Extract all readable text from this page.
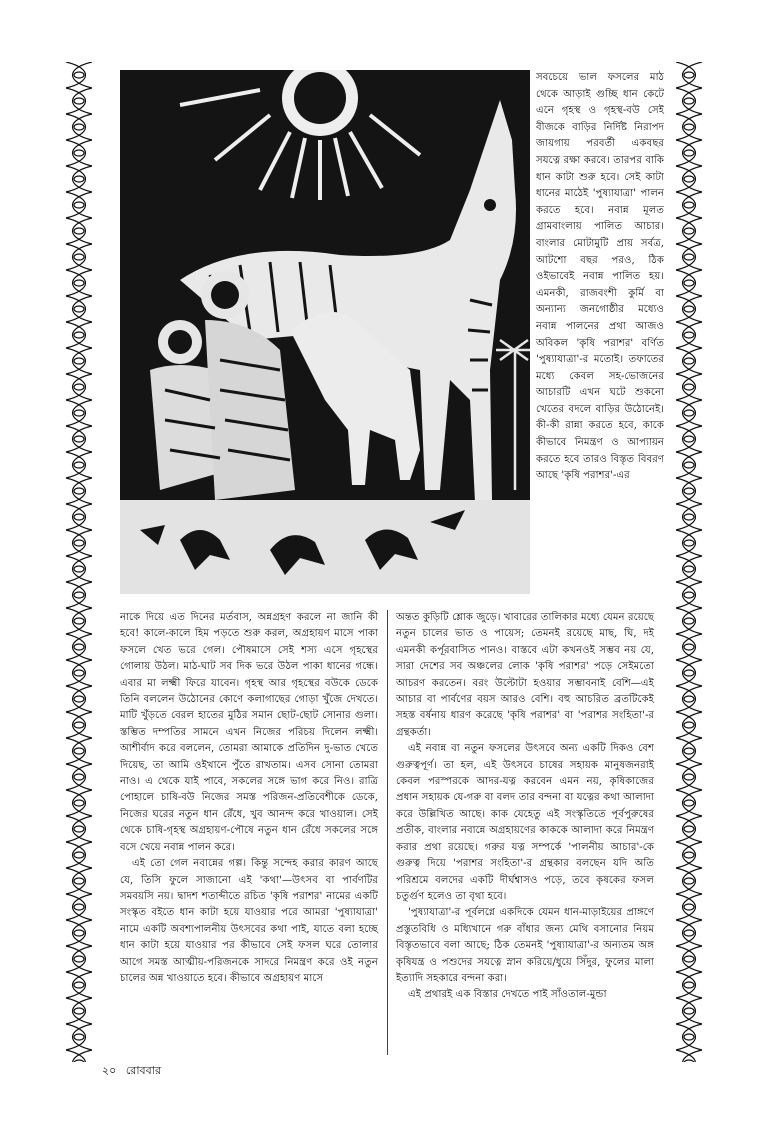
সবচেয়ে ভাল ফসলের মাঠ থেকে আড়াই গুচ্ছি ধান কেটে এনে গৃহস্থ ও গৃহস্থ-বউ সেই বীজকে বাড়ির নির্দিষ্ট নিরাপদ জায়গায় পরবর্তী একবছর সযত্নে রক্ষা করবে। তারপর বাকি ধান কাটা শুরু হবে। সেই কাটা ধানের মাঠেই 'পুষ্যাযাত্রা' পালন করতে হবে। নবান্ন মূলত গ্রামবাংলায় পালিত আচার। বাংলার মোটামুটি প্রায় সর্বত্র, আটশো বছর পরও, ঠিক ওইভাবেই নবান্ন পালিত হয়। এমনকী, রাজবংশী কুর্মি বা অন্যান্য জনগোষ্ঠীর মধ্যেও নবান্ন পালনের প্রথা আজও অবিকল 'কৃষি পরাশর' বর্ণিত 'পুষ্যাযাত্রা'-র মতোই। তফাতের মধ্যে কেবল সহ-ভোজনের আচারটি এখন ঘটে শুকনো খেতের বদলে বাড়ির উঠোনেই। কী-কী রান্না করতে হবে, কাকে কীভাবে নিমন্ত্রণ ও আপ্যায়ন করতে হবে তারও বিস্তৃত বিবরণ আছে 'কৃষি পরাশর'-এর

নাকে দিয়ে এত দিনের মর্তবাস, অন্নগ্রহণ করলে না জানি কী হবে! কালে-কালে হিম পড়তে শুরু করল, অগ্রহায়ণ মাসে পাকা ফসলে খেত ভরে গেল। পৌষমাসে সেই শস্য এসে গৃহস্থের গোলায় উঠল। মাঠ-ঘাট সব দিক ভরে উঠল পাকা ধানের গন্ধে। এবার মা লক্ষ্মী ফিরে যাবেন। গৃহস্থ আর গৃহস্থের বউকে ডেকে তিনি বললেন উঠোনের কোণে কলাগাছের গোড়া খুঁজে দেখতে। মাটি খুঁড়তে বেরল হাতের মুঠির সমান ছোট-ছোট সোনার গুলা। স্তম্ভিত দম্পতির সামনে এখন নিজের পরিচয় দিলেন লক্ষ্মী। আশীর্বাদ করে বললেন, তোমরা আমাকে প্রতিদিন দু-ভাত খেতে দিয়েছ, তা আমি ওইখানে পুঁতে রাখতাম। এসব সোনা তোমরা নাও। এ থেকে যাই পাবে, সকলের সঙ্গে ভাগ করে নিও। রাত্রি পোহালে চাষি-বউ নিজের সমস্ত পরিজন-প্রতিবেশীকে ডেকে, নিজের ঘরের নতুন ধান রেঁধে, খুব আনন্দ করে খাওয়াল। সেই থেকে চাষি-গৃহস্থ অগ্রহায়ণ-পৌষে নতুন ধান রেঁধে সকলের সঙ্গে বসে খেয়ে নবান্ন পালন করে।

এই তো গেল নবান্নের গল্প। কিন্তু সন্দেহ করার কারণ আছে যে, তিসি ফুলে সাজানো এই 'কথা'—উৎসব বা পার্বণটির সমবয়সি নয়। দ্বাদশ শতাব্দীতে রচিত 'কৃষি পরাশর' নামের একটি সংস্কৃত বইতে ধান কাটা হয়ে যাওয়ার পরে আমরা 'পুষ্যাযাত্রা' নামে একটি অবশ্যপালনীয় উৎসবের কথা পাই, যাতে বলা হচ্ছে ধান কাটা হয়ে যাওয়ার পর কীভাবে সেই ফসল ঘরে তোলার আগে সমস্ত আত্মীয়-পরিজনকে সাদরে নিমন্ত্রণ করে ওই নতুন চালের অন্ন খাওয়াতে হবে। কীভাবে অগ্রহায়ণ মাসে

অন্তত কুড়িটি শ্লোক জুড়ে। খাবারের তালিকার মধ্যে যেমন রয়েছে নতুন চালের ভাত ও পায়েস; তেমনই রয়েছে মাছ, ঘি, দই এমনকী কর্পূরবাসিত পানও। বাস্তবে এটা কখনওই সম্ভব নয় যে, সারা দেশের সব অঞ্চলের লোক 'কৃষি পরাশর' পড়ে সেইমতো আচরণ করতেন। বরং উল্টোটা হওয়ার সম্ভাবনাই বেশি—এই আচার বা পার্বণের বয়স আরও বেশি। বহু আচরিত ব্রতটিকেই সহস্ত বর্ষনায় ধারণ করেছে 'কৃষি পরাশর' বা 'পরাশর সংহিতা'-র গ্রন্থকর্তা।

এই নবান্ন বা নতুন ফসলের উৎসবে অন্য একটি দিকও বেশ গুরুত্বপূর্ণ। তা হল, এই উৎসবে চাষের সহায়ক মানুষজনরাই কেবল পরস্পরকে আদর-যত্ন করবেন এমন নয়, কৃষিকাজের প্রধান সহায়ক যে-গরু বা বলদ তার বন্দনা বা যত্নের কথা আলাদা করে উল্লিখিত আছে। কাক যেহেতু এই সংস্কৃতিতে পূর্বপুরুষের প্রতীক, বাংলার নবান্নে অগ্রহায়ণের কাককে আলাদা করে নিমন্ত্রণ করার প্রথা রয়েছে। গরুর যত্ন সম্পর্কে 'পালনীয় আচার'-কে গুরুত্ব দিয়ে 'পরাশর সংহিতা'-র গ্রন্থকার বলছেন যদি অতি পরিশ্রমে বলদের একটি দীর্ঘশ্বাসও পড়ে, তবে কৃষকের ফসল চতুর্গুণ হলেও তা বৃথা হবে।

'পুষ্যাযাত্রা'-র পূর্বলগ্নে একদিকে যেমন ধান-মাড়াইয়ের প্রাঙ্গণে প্রস্তুতবিধি ও মধ্যিখানে গরু বাঁধার জন্য মেথি বসানোর নিয়ম বিস্তৃতভাবে বলা আছে; ঠিক তেমনই 'পুষ্যাযাত্রা'-র অন্যতম অঙ্গ কৃষিযন্ত্র ও পশুদের সযত্নে স্নান করিয়ে/ধুয়ে সিঁদুর, ফুলের মালা ইত্যাদি সহকারে বন্দনা করা।

এই প্রথারই এক বিস্তার দেখতে পাই সাঁওতাল-মুন্ডা

২০ রোববার
